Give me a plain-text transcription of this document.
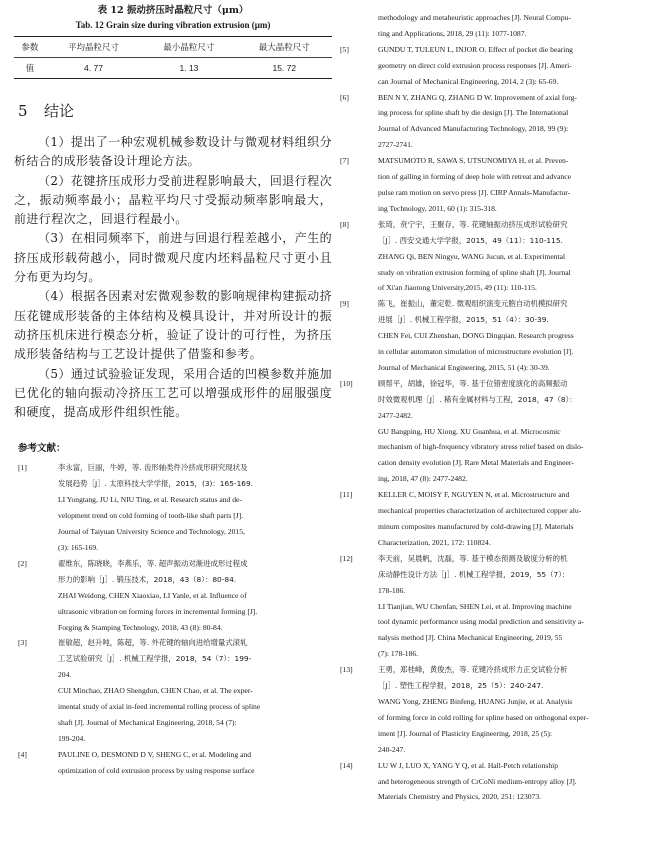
表 12 振动挤压时晶粒尺寸（μm）
Tab. 12 Grain size during vibration extrusion (μm)
参数	平均晶粒尺寸	最小晶粒尺寸	最大晶粒尺寸
值	4. 77	1. 13	15. 72
5 结论

（1）提出了一种宏观机械参数设计与微观材料组织分析结合的成形装备设计理论方法。

（2）花键挤压成形力受前进程影响最大，回退行程次之，振动频率最小；晶粒平均尺寸受振动频率影响最大，前进行程次之，回退行程最小。

（3）在相同频率下，前进与回退行程差越小，产生的挤压成形载荷越小，同时微观尺度内坯料晶粒尺寸更小且分布更为均匀。

（4）根据各因素对宏微观参数的影响规律构建振动挤压花键成形装备的主体结构及模具设计，并对所设计的振动挤压机床进行模态分析，验证了设计的可行性，为挤压成形装备结构与工艺设计提供了借鉴和参考。

（5）通过试验验证发现，采用合适的凹模参数并施加已优化的轴向振动冷挤压工艺可以增强成形件的屈服强度和硬度，提高成形件组织性能。

参考文献：
[1]	李永富，巨丽，牛婷，等. 齿形轴类件冷挤成形研究现状及
发展趋势［J］. 太原科技大学学报，2015，(3)：165-169.
LI Yongtang, JU Li, NIU Ting, et al. Research status and de-
velopment trend on cold forming of tooth-like shaft parts [J].
Journal of Taiyuan University Science and Technology, 2015,
(3): 165-169.
[2]	翟维东，陈晓晓，李燕乐，等. 超声振动对渐进成形过程成
形力的影响［J］. 锻压技术，2018，43（8）：80-84.
ZHAI Weidong, CHEN Xiaoxiao, LI Yanle, et al. Influence of
ultrasonic vibration on forming forces in incremental forming [J].
Forging & Stamping Technology, 2018, 43 (8): 80-84.
[3]	崔敏超，赵升吨，陈超，等. 外花键的轴向进给增量式滚轧
工艺试验研究［J］. 机械工程学报，2018，54（7）：199-
204.
CUI Minchao, ZHAO Shengdun, CHEN Chao, et al. The exper-
imental study of axial in-feed incremental rolling process of spline
shaft [J]. Journal of Mechanical Engineering, 2018, 54 (7):
199-204.
[4]	PAULINE O, DESMOND D V, SHENG C, et al. Modeling and
optimization of cold extrusion process by using response surface
methodology and metaheuristic approaches [J]. Neural Compu-
ting and Applications, 2018, 29 (11): 1077-1087.
[5]	GUNDU T, TULEUN L, INJOR O. Effect of pocket die bearing
geometry on direct cold extrusion process responses [J]. Ameri-
can Journal of Mechanical Engineering, 2014, 2 (3): 65-69.
[6]	BEN N Y, ZHANG Q, ZHANG D W. Improvement of axial forg-
ing process for spline shaft by die design [J]. The International
Journal of Advanced Manufacturing Technology, 2018, 99 (9):
2727-2741.
[7]	MATSUMOTO R, SAWA S, UTSUNOMIYA H, et al. Preven-
tion of galling in forming of deep hole with retreat and advance
pulse ram motion on servo press [J]. CIRP Annals-Manufactur-
ing Technology, 2011, 60 (1): 315-318.
[8]	张琦，贲宁宇，王聚存，等. 花键轴振动挤压成形试验研究
［J］. 西安交通大学学报，2015，49（11）：110-115.
ZHANG Qi, BEN Ningyu, WANG Jucun, et al. Experimental
study on vibration extrusion forming of spline shaft [J]. Journal
of Xi'an Jiaotong University,2015, 49 (11): 110-115.
[9]	陈飞，崔振山，董定乾. 微观组织演变元胞自动机模拟研究
进展［J］. 机械工程学报，2015，51（4）：30-39.
CHEN Fei, CUI Zhenshan, DONG Dingqian. Research progress
in cellular automaton simulation of microstructure evolution [J].
Journal of Mechanical Engineering, 2015, 51 (4): 30-39.
[10]	顾帮平，胡雄，徐冠华，等. 基于位错密度演化的高频振动
时效微观机理［J］. 稀有金属材料与工程，2018，47（8）：
2477-2482.
GU Bangping, HU Xiong, XU Guanhua, et al. Microcosmic
mechanism of high-frequency vibratory stress relief based on dislo-
cation density evolution [J]. Rare Metal Materials and Engineer-
ing, 2018, 47 (8): 2477-2482.
[11]	KELLER C, MOISY F, NGUYEN N, et al. Microstructure and
mechanical properties characterization of architectured copper alu-
minum composites manufactured by cold-drawing [J]. Materials
Characterization, 2021, 172: 110824.
[12]	李天前，吴晨帆，沈磊，等. 基于模态预测及敏度分析的机
床动静性设计方法［J］. 机械工程学报，2019，55（7）：
178-186.
LI Tianjian, WU Chenfan, SHEN Lei, et al. Improving machine
tool dynamic performance using modal prediction and sensitivity a-
nalysis method [J]. China Mechanical Engineering, 2019, 55
(7): 178-186.
[13]	王勇，郑桂峰，黄俊杰，等. 花键冷挤成形力正交试验分析
［J］. 塑性工程学报，2018，25（5）：240-247.
WANG Yong, ZHENG Binfeng, HUANG Junjie, et al. Analysis
of forming force in cold rolling for spline based on orthogonal exper-
iment [J]. Journal of Plasticity Engineering, 2018, 25 (5):
240-247.
[14]	LU W J, LUO X, YANG Y Q, et al. Hall-Petch relationship
and heterogeneous strength of CrCoNi medium-entropy alloy [J].
Materials Chemistry and Physics, 2020, 251: 123073.
